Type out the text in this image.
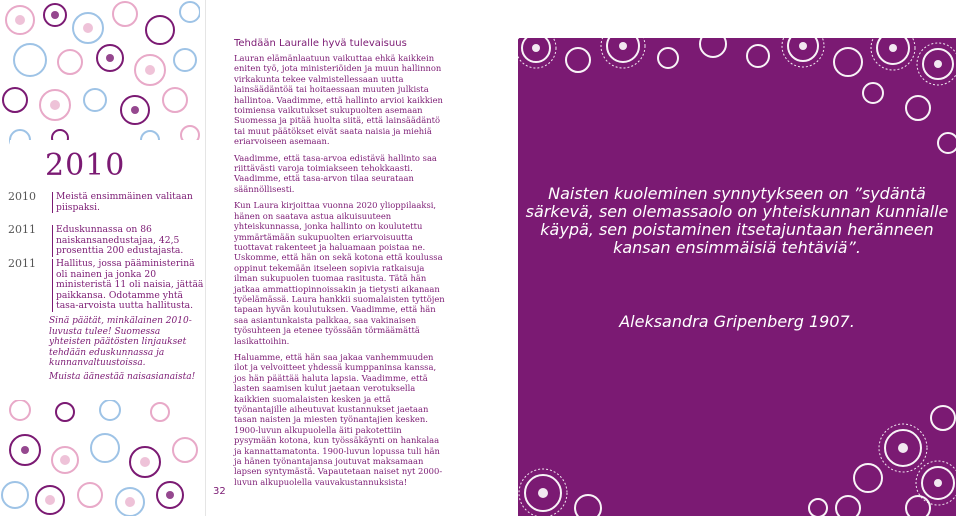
2010
2010	Meistä ensimmäinen valitaan piispaksi.
2011	Eduskunnassa on 86 naiskansanedustajaa, 42,5 prosenttia 200 edustajasta.
2011	Hallitus, jossa pääministerinä oli nainen ja jonka 20 ministeristä 11 oli naisia, jättää paikkansa. Odotamme yhtä tasa-arvoista uutta hallitusta.
Sinä päätät, minkälainen 2010-luvusta tulee! Suomessa yhteisten päätösten linjaukset tehdään eduskunnassa ja kunnanvaltuustoissa.
Muista äänestää naisasianaista!
32
Tehdään Lauralle hyvä tulevaisuus

Lauran elämänlaatuun vaikuttaa ehkä kaikkein eniten työ, jota ministeriöiden ja muun hallinnon virkakunta tekee valmistellessaan uutta lainsäädäntöä tai hoitaessaan muuten julkista hallintoa. Vaadimme, että hallinto arvioi kaikkien toimiensa vaikutukset sukupuolten asemaan Suomessa ja pitää huolta siitä, että lainsäädäntö tai muut päätökset eivät saata naisia ja miehiä eriarvoiseen asemaan.

Vaadimme, että tasa-arvoa edistävä hallinto saa riittävästi varoja toimiakseen tehokkaasti. Vaadimme, että tasa-arvon tilaa seurataan säännöllisesti.

Kun Laura kirjoittaa vuonna 2020 ylioppilaaksi, hänen on saatava astua aikuisuuteen yhteiskunnassa, jonka hallinto on koulutettu ymmärtämään sukupuolten eriarvoisuutta tuottavat rakenteet ja haluamaan poistaa ne. Uskomme, että hän on sekä kotona että koulussa oppinut tekemään itseleen sopivia ratkaisuja ilman sukupuolen tuomaa rasitusta. Tätä hän jatkaa ammattiopinnoissakin ja tietysti aikanaan työelämässä. Laura hankkii suomalaisten tyttöjen tapaan hyvän koulutuksen. Vaadimme, että hän saa asiantunkaista palkkaa, saa vakinaisen työsuhteen ja etenee työssään törmäämättä lasikattoihin.

Haluamme, että hän saa jakaa vanhemmuuden ilot ja velvoitteet yhdessä kumppaninsa kanssa, jos hän päättää haluta lapsia. Vaadimme, että lasten saamisen kulut jaetaan verotuksella kaikkien suomalaisten kesken ja että työnantajille aiheutuvat kustannukset jaetaan tasan naisten ja miesten työnantajien kesken. 1900-luvun alkupuolella äiti pakotettiin pysymään kotona, kun työssäkäynti on hankalaa ja kannattamatonta. 1900-luvun lopussa tuli hän ja hänen työnantajansa joutuvat maksamaan lapsen syntymästä. Vapautetaan naiset nyt 2000-luvun alkupuolella vauvakustannuksista!

Naisten kuoleminen synnytykseen on ”sydäntä särkevä, sen olemassaolo on yhteiskunnan kunnialle käypä, sen poistaminen itsetajuntaan heränneen kansan ensimmäisiä tehtäviä”.
Aleksandra Gripenberg 1907.
